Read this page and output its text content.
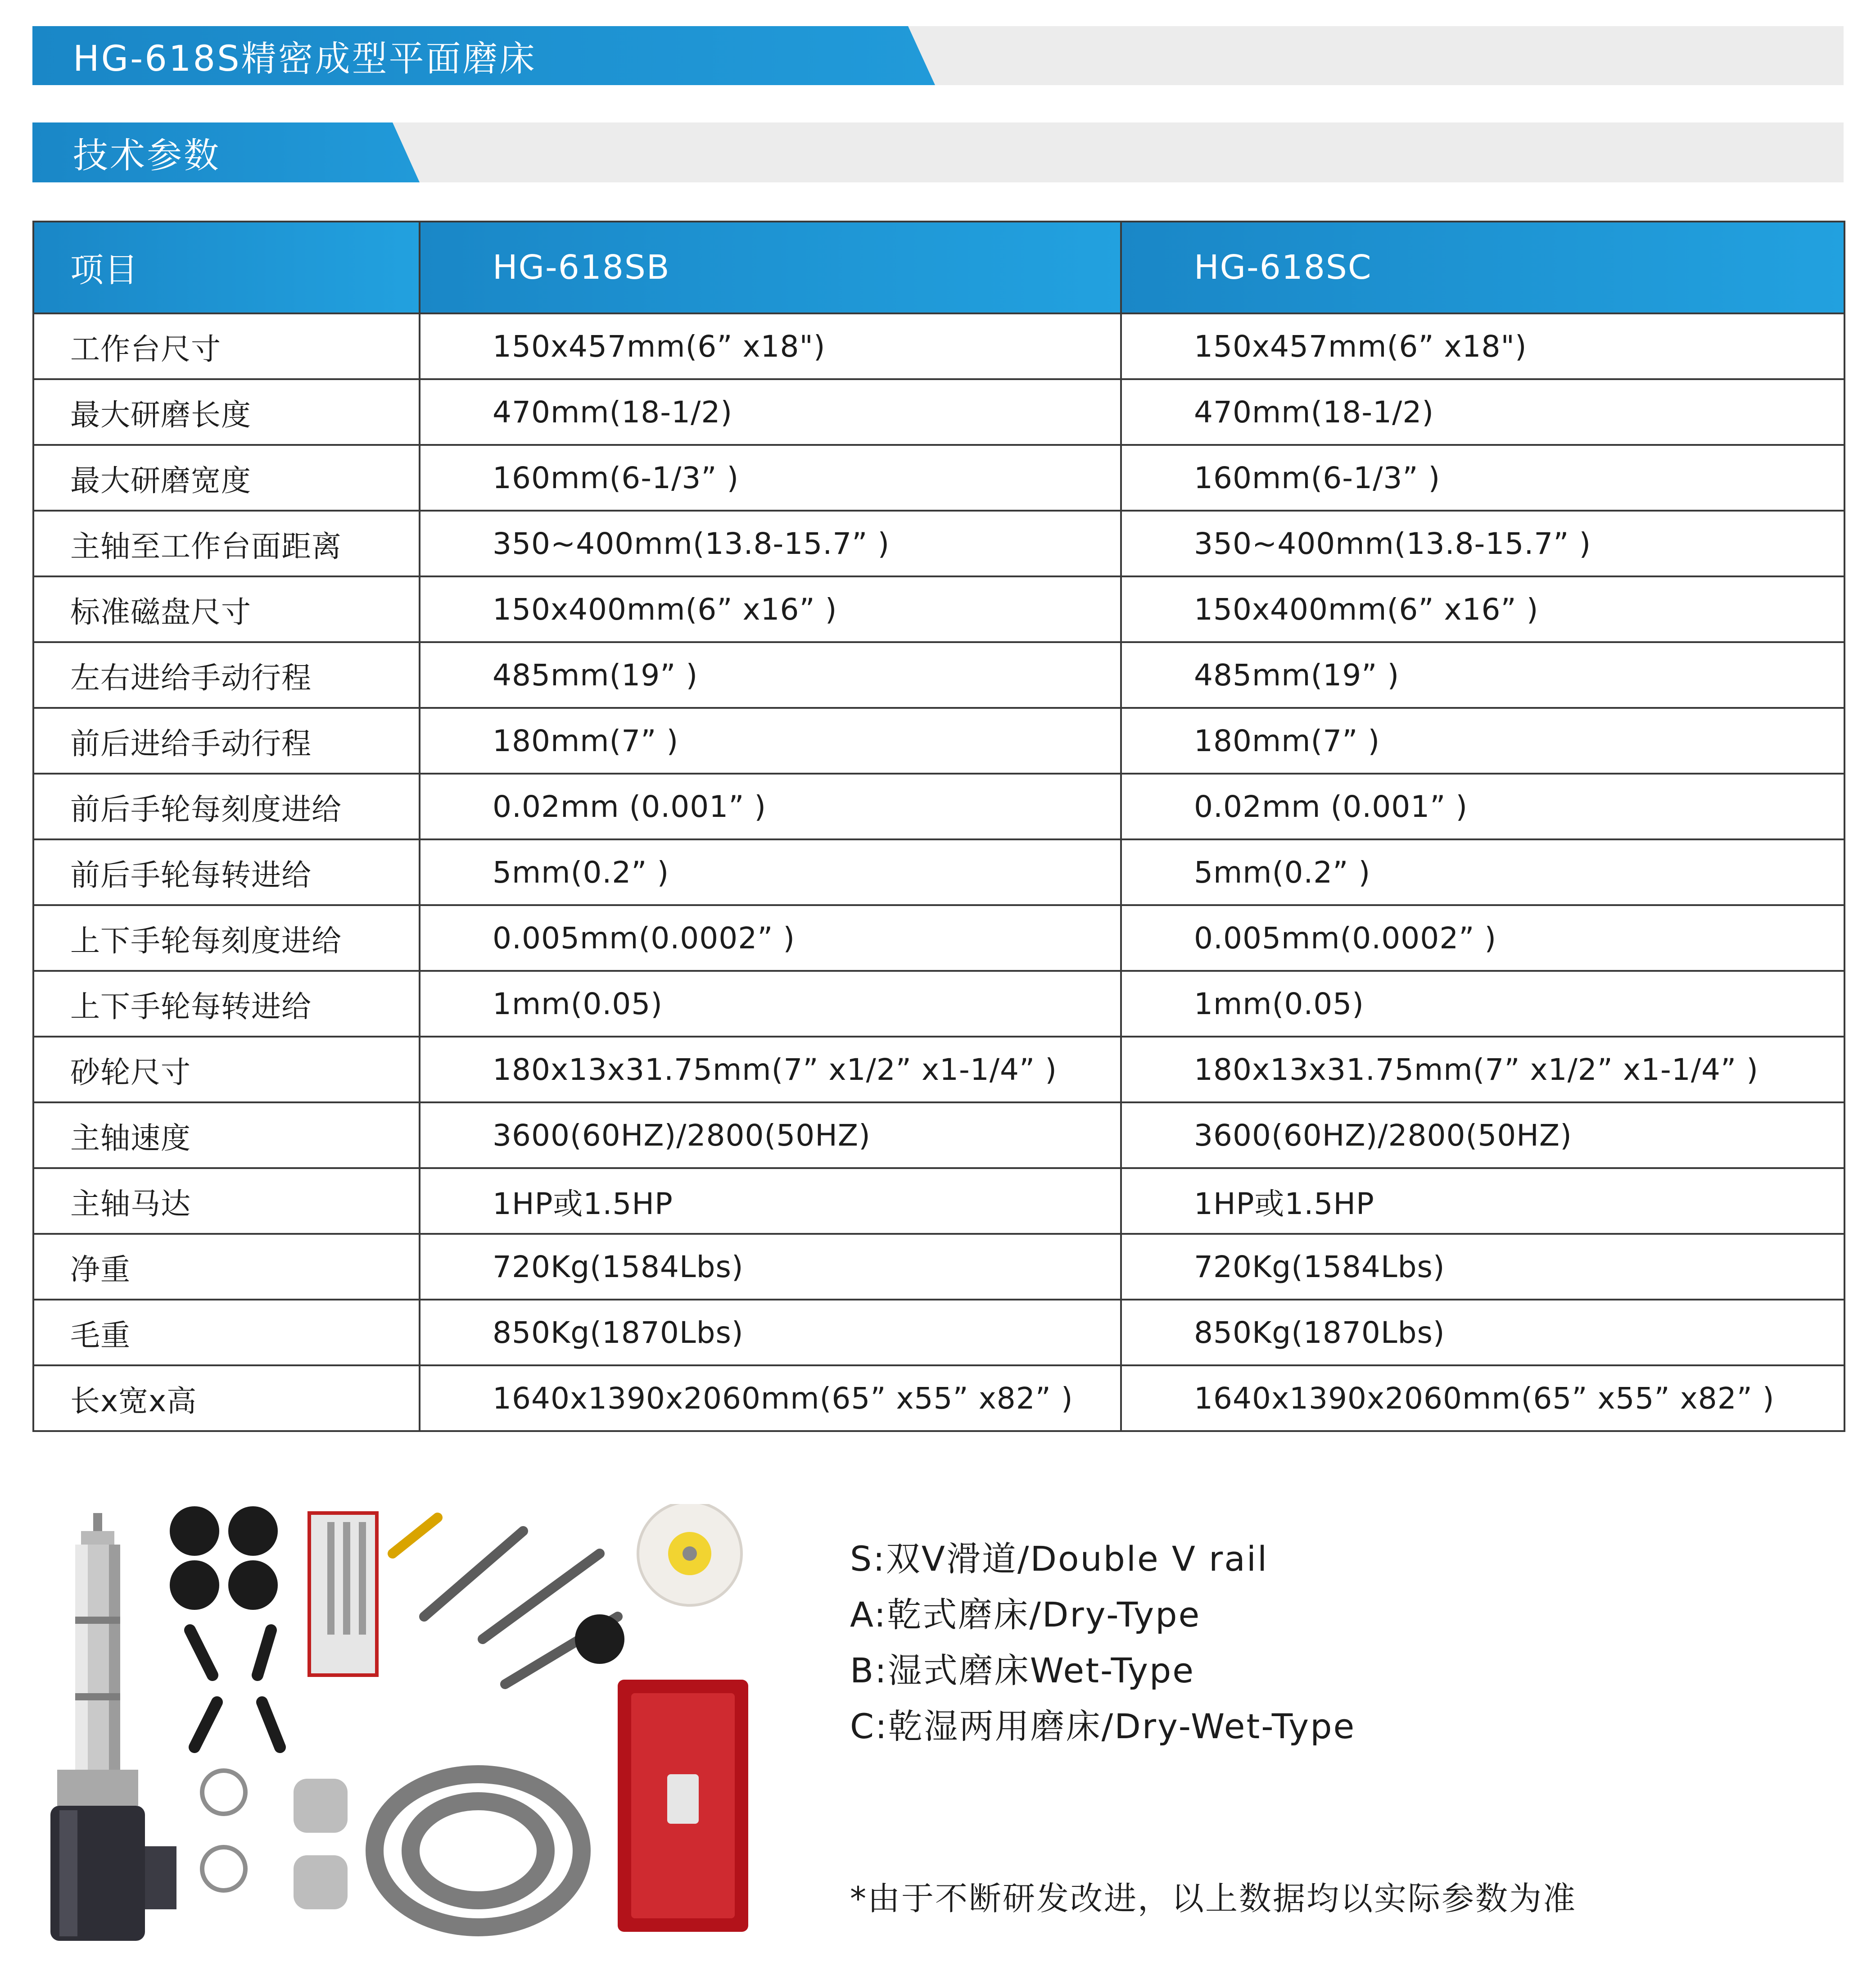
HG-618S精密成型平面磨床
技术参数
项目	HG-618SB	HG-618SC
工作台尺寸	150x457mm(6” x18")	150x457mm(6” x18")
最大研磨长度	470mm(18-1/2)	470mm(18-1/2)
最大研磨宽度	160mm(6-1/3” )	160mm(6-1/3” )
主轴至工作台面距离	350~400mm(13.8-15.7” )	350~400mm(13.8-15.7” )
标准磁盘尺寸	150x400mm(6” x16” )	150x400mm(6” x16” )
左右进给手动行程	485mm(19” )	485mm(19” )
前后进给手动行程	180mm(7” )	180mm(7” )
前后手轮每刻度进给	0.02mm (0.001” )	0.02mm (0.001” )
前后手轮每转进给	5mm(0.2” )	5mm(0.2” )
上下手轮每刻度进给	0.005mm(0.0002” )	0.005mm(0.0002” )
上下手轮每转进给	1mm(0.05)	1mm(0.05)
砂轮尺寸	180x13x31.75mm(7” x1/2” x1-1/4” )	180x13x31.75mm(7” x1/2” x1-1/4” )
主轴速度	3600(60HZ)/2800(50HZ)	3600(60HZ)/2800(50HZ)
主轴马达	1HP或1.5HP	1HP或1.5HP
净重	720Kg(1584Lbs)	720Kg(1584Lbs)
毛重	850Kg(1870Lbs)	850Kg(1870Lbs)
长x宽x高	1640x1390x2060mm(65” x55” x82” )	1640x1390x2060mm(65” x55” x82” )
S:双V滑道/Double V rail
A:乾式磨床/Dry-Type
B:湿式磨床Wet-Type
C:乾湿两用磨床/Dry-Wet-Type
*由于不断研发改进，以上数据均以实际参数为准
